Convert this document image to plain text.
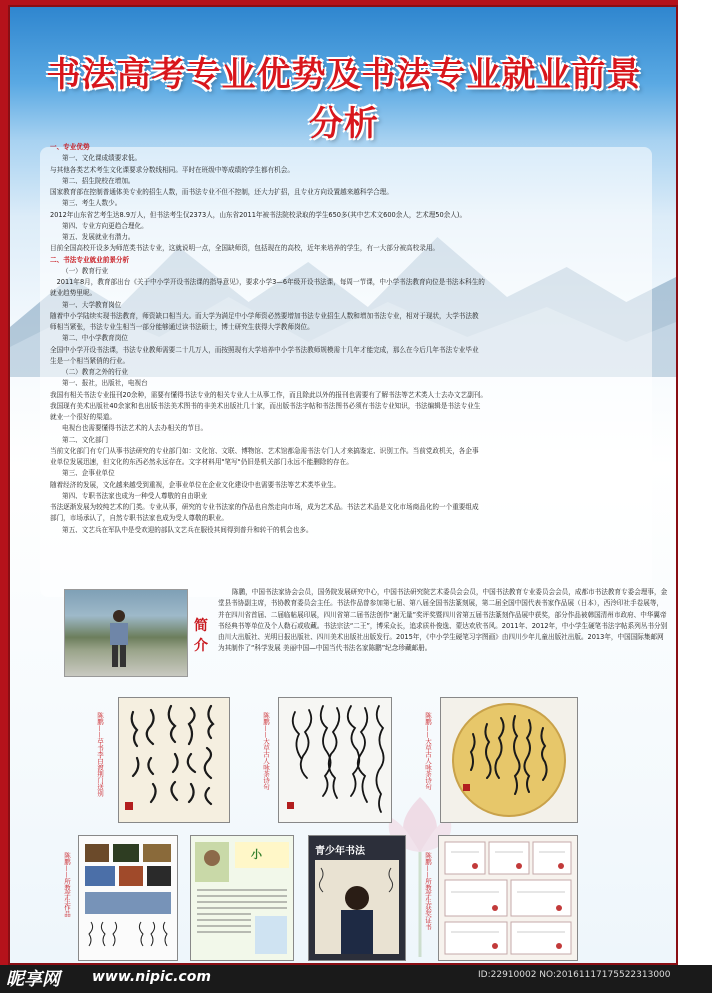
书法高考专业优势及书法专业就业前景分析
一、专业优势
第一、文化课成绩要求低。
与其他各类艺术考生文化课要求分数线相同。平时在班级中等成绩的学生都有机会。
第二、招生院校在增加。
国家教育部在控制普通体美专业的招生人数，而书法专业不但不控制，还大力扩招，且专业方向设置越来越科学合理。
第三、考生人数少。
2012年山东省艺考生达8.9万人，但书法考生仅2373人，山东省2011年被书法院校录取的学生650多(其中艺术文600余人，艺术理50余人)。
第四、专业方向更趋合理化。
第五、发展就业有潜力。
目前全国高校开设多为师范类书法专业，这就说明一点，全国缺师资，包括现在的高校，近年来培养的学生，有一大部分被高校录用。
二、书法专业就业前景分析
（一）教育行业
　2011年8月，教育部出台《关于中小学开设书法课的指导意见》，要求小学3—6年级开设书法课，每周一节课，中小学书法教育向位是书法本科生的
就业趋势里呢。
第一、大学教育岗位
随着中小学陆续实现书法教育，师资缺口相当大。而大学为满足中小学师资必然要增加书法专业招生人数和增加书法专业，相对于现状，大学书法教
师相当紧张，书法专业生相当一部分能够通过读书法硕士，博士研究生获得大学教师岗位。
第二、中小学教育岗位
全国中小学开设书法课，书法专业教师需要二十几万人，而按照现有大学培养中小学书法教师规模需十几年才能完成，那么在今后几年书法专业毕业
生是一个相当紧俏的行业。
（二）教育之外的行业
第一、报社，出版社，电视台
我国有相关书法专业报刊20余种，需要有懂得书法专业的相关专业人士从事工作，而且除此以外的报刊也需要有了解书法等艺术类人士去办文艺副刊。
我国现有美术出版社40余家和也出版书法美术图书的非美术出版社几十家，而出版书法字帖和书法图书必须有书法专业知识，书法编辑是书法专业生
就业一个很好的渠道。
电视台也需要懂得书法艺术的人去办相关的节目。
第二、文化部门
当前文化部门有专门从事书法研究的专业部门如：文化馆、文联、博物馆、艺术馆都急需书法专门人才来搞鉴定、识别工作。当前党政机关，各企事
业单位发展迅速，但文化的东西必然永远存在。文字材料用"笔写"仍旧是机关部门永远不能删除的存在。
第三、企事业单位
随着经济的发展，文化越来越受到重视，企事业单位在企业文化建设中也需要书法等艺术类毕业生。
第四、专职书法家也成为一种受人尊敬的自由职业
书法逐渐发展为较纯艺术的门类。专业从事，研究的专业书法家的作品也自然走向市场，成为艺术品。书法艺术品是文化市场商品化的一个重要组成
部门，市场承认了，自然专职书法家也成为受人尊敬的职业。
第五、文艺兵在军队中是受欢迎的部队文艺兵在服役其间得到普升和转干的机会也多。
简介
陈鹏，中国书法家协会会员，国务院发展研究中心，中国书法研究院艺术委员会会员，中国书法教育专业委员会会员，成都市书法教育专委会理事，金堂县书协副主席，书协教育委员会主任。书法作品曾参加第七届、第八届全国书法篆刻展，第二届全国中国代表书家作品展（日本），西泠印社手卷展等，并在四川省首届、二届临帖展印展，四川省第二届书法创作“谢无量”奖评奖暨四川省第五届书法篆刻作品展中获奖，部分作品被韩国清州市政府、中华翼帝书经典书等单位及个人勒石或收藏。书法宗法“二王”，博采众长，追求质朴俊逸、蒙达欢欣书风。2011年、2012年，中小学生硬笔书法字帖系列丛书分别由川大出版社、光明日报出版社、四川美术出版社出版发行。2015年，《中小学生硬笔习字图画》由四川少年儿童出版社出版。2013年，中国国际集邮网为其制作了“科学发展 美丽中国—中国当代书法名家陈鹏”纪念珍藏邮册。
陈鹏——草书李白渡荆门送别	陈鹏——大草古人咏茶诗句	陈鹏——大草古人咏茶诗句
陈鹏——所教学生作品	小	青少年书法
陈鹏——所教学生获奖证书
昵享网 www.nipic.com	ID:22910002 NO:20161117175522313000
